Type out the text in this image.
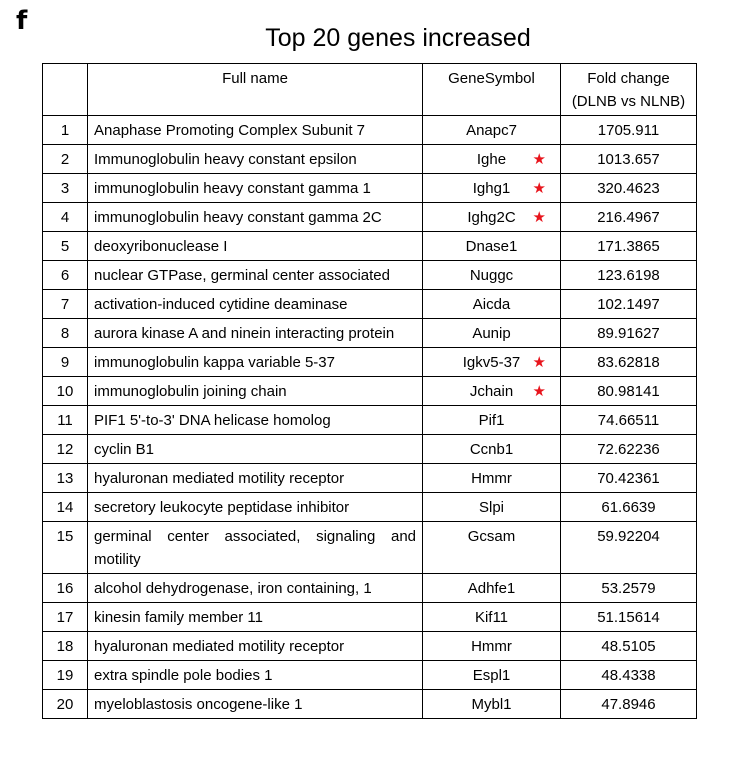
f
Top 20 genes increased
	Full name	GeneSymbol	Fold change
(DLNB vs NLNB)
1	Anaphase Promoting Complex Subunit 7	Anapc7	1705.911
2	Immunoglobulin heavy constant epsilon	Ighe ★	1013.657
3	immunoglobulin heavy constant gamma 1	Ighg1 ★	320.4623
4	immunoglobulin heavy constant gamma 2C	Ighg2C ★	216.4967
5	deoxyribonuclease I	Dnase1	171.3865
6	nuclear GTPase, germinal center associated	Nuggc	123.6198
7	activation-induced cytidine deaminase	Aicda	102.1497
8	aurora kinase A and ninein interacting protein	Aunip	89.91627
9	immunoglobulin kappa variable 5-37	Igkv5-37 ★	83.62818
10	immunoglobulin joining chain	Jchain ★	80.98141
11	PIF1 5'-to-3' DNA helicase homolog	Pif1	74.66511
12	cyclin B1	Ccnb1	72.62236
13	hyaluronan mediated motility receptor	Hmmr	70.42361
14	secretory leukocyte peptidase inhibitor	Slpi	61.6639
15	germinal center associated, signaling and motility	Gcsam	59.92204
16	alcohol dehydrogenase, iron containing, 1	Adhfe1	53.2579
17	kinesin family member 11	Kif11	51.15614
18	hyaluronan mediated motility receptor	Hmmr	48.5105
19	extra spindle pole bodies 1	Espl1	48.4338
20	myeloblastosis oncogene-like 1	Mybl1	47.8946
